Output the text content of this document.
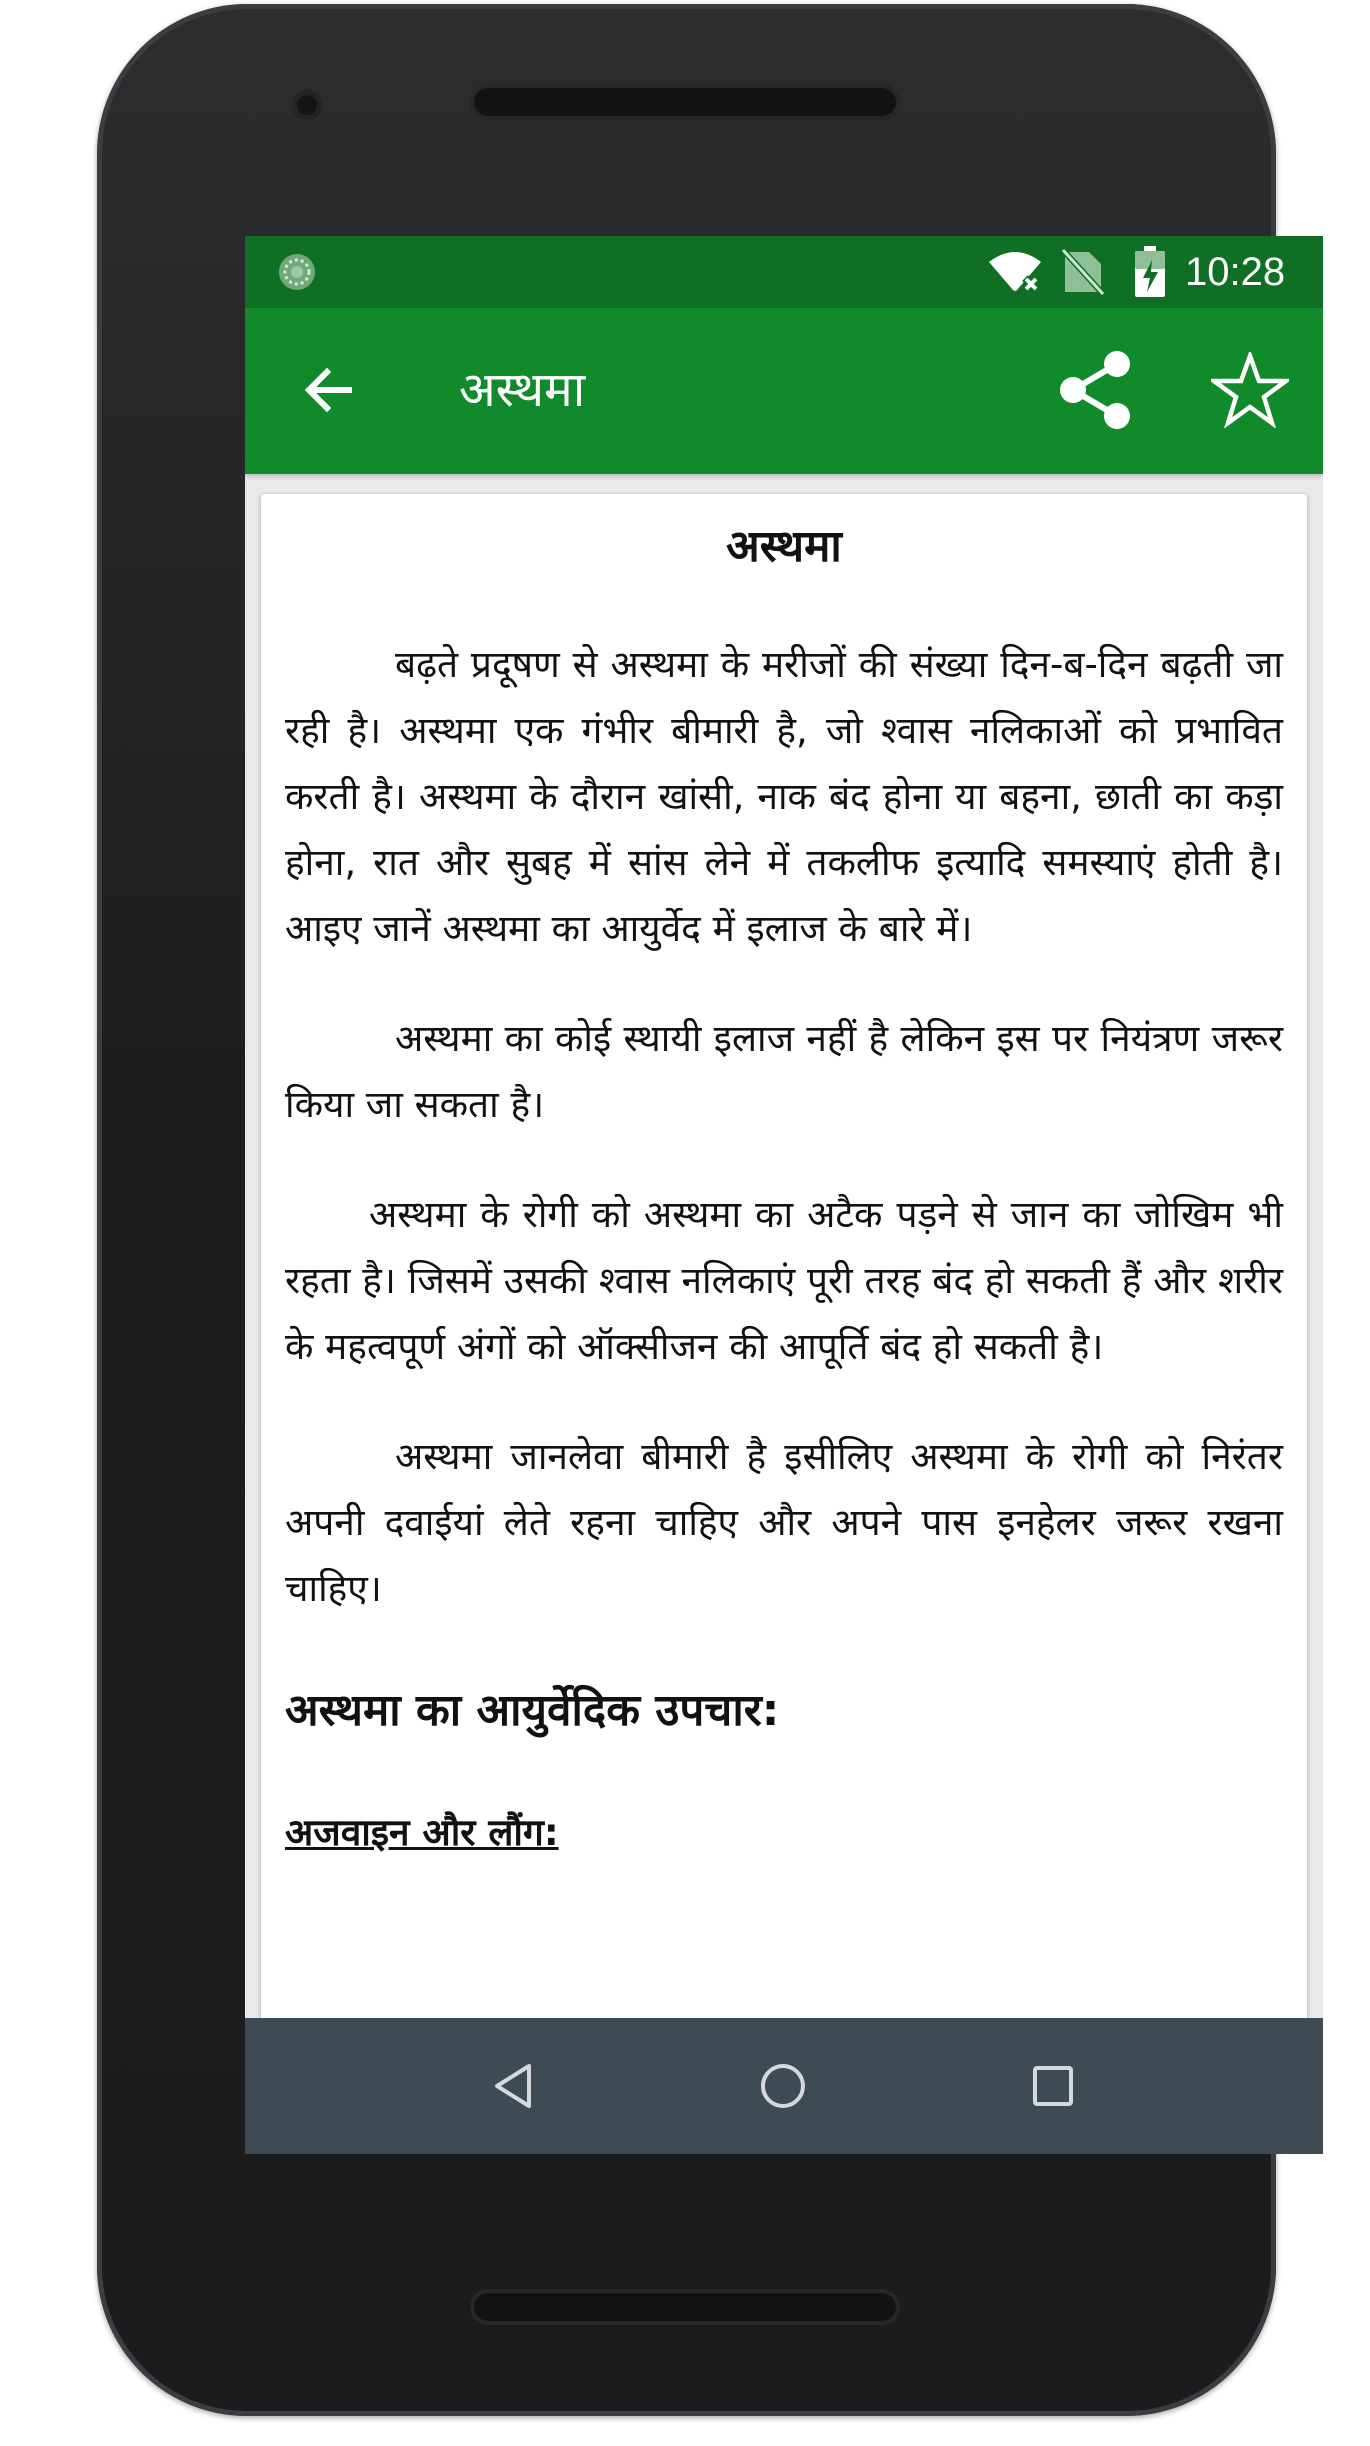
10:28
अस्थमा
अस्थमा

बढ़ते प्रदूषण से अस्थमा के मरीजों की संख्या दिन-ब-दिन बढ़ती जा रही है। अस्थमा एक गंभीर बीमारी है, जो श्वास नलिकाओं को प्रभावित करती है। अस्थमा के दौरान खांसी, नाक बंद होना या बहना, छाती का कड़ा होना, रात और सुबह में सांस लेने में तकलीफ इत्यादि समस्याएं होती है।आइए जानें अस्थमा का आयुर्वेद में इलाज के बारे में।

अस्थमा का कोई स्थायी इलाज नहीं है लेकिन इस पर नियंत्रण जरूर किया जा सकता है।

अस्थमा के रोगी को अस्थमा का अटैक पड़ने से जान का जोखिम भी रहता है। जिसमें उसकी श्वास नलिकाएं पूरी तरह बंद हो सकती हैं और शरीर के महत्वपूर्ण अंगों को ऑक्सीजन की आपूर्ति बंद हो सकती है।

अस्थमा जानलेवा बीमारी है इसीलिए अस्थमा के रोगी को निरंतर अपनी दवाईयां लेते रहना चाहिए और अपने पास इनहेलर जरूर रखना चाहिए।

अस्थमा का आयुर्वेदिक उपचार:
अजवाइन और लौंग:
